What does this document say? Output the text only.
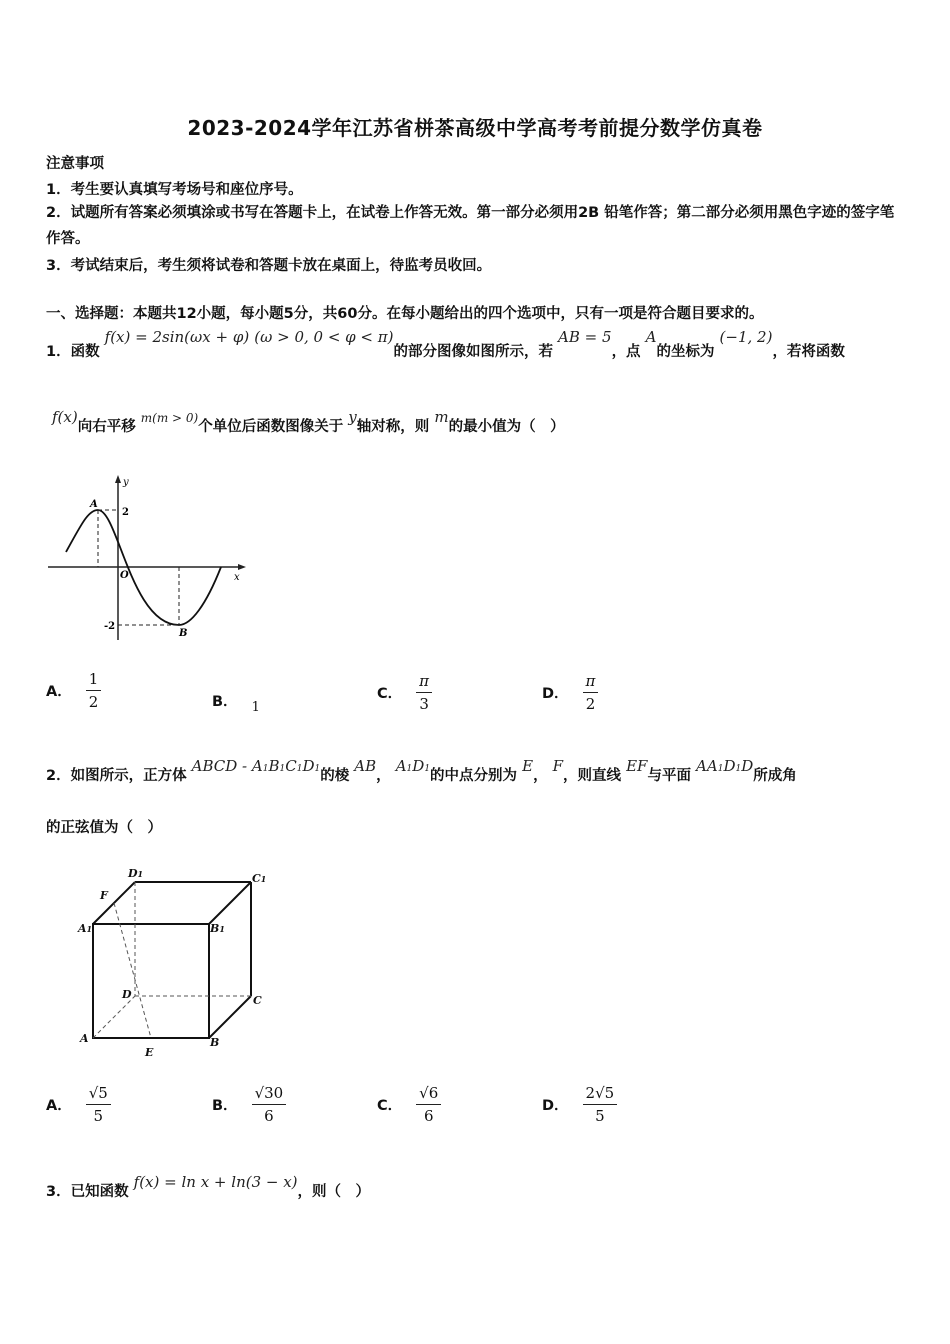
2023-2024学年江苏省栟茶高级中学高考考前提分数学仿真卷
注意事项
1．考生要认真填写考场号和座位序号。
2．试题所有答案必须填涂或书写在答题卡上，在试卷上作答无效。第一部分必须用2B 铅笔作答；第二部分必须用黑色字迹的签字笔作答。
3．考试结束后，考生须将试卷和答题卡放在桌面上，待监考员收回。
一、选择题：本题共12小题，每小题5分，共60分。在每小题给出的四个选项中，只有一项是符合题目要求的。
1．函数 f(x) = 2sin(ωx + φ) (ω > 0, 0 < φ < π)的部分图像如图所示，若 AB = 5，点 A的坐标为 (−1, 2)，若将函数
f(x)向右平移 $^{m(m > 0)}$个单位后函数图像关于 y轴对称，则 m的最小值为（　）
y
x
O
A
B
2
-2
A． $\frac{1}{2}$	B． 1
C． $\frac{\pi}{3}$	D． $\frac{\pi}{2}$
2．如图所示，正方体 ABCD - A1B1C1D1的棱 AB， A1D1的中点分别为 E， F，则直线 EF与平面 AA1D1D所成角
的正弦值为（　）
D1	C1
F
A1	B1
D	C
A	B
E
A． $\frac{√5}{5}$	B． $\frac{√30}{6}$	C． $\frac{√6}{6}$	D． $\frac{2√5}{5}$
3．已知函数 f(x) = ln x + ln(3 − x)，则（　）
